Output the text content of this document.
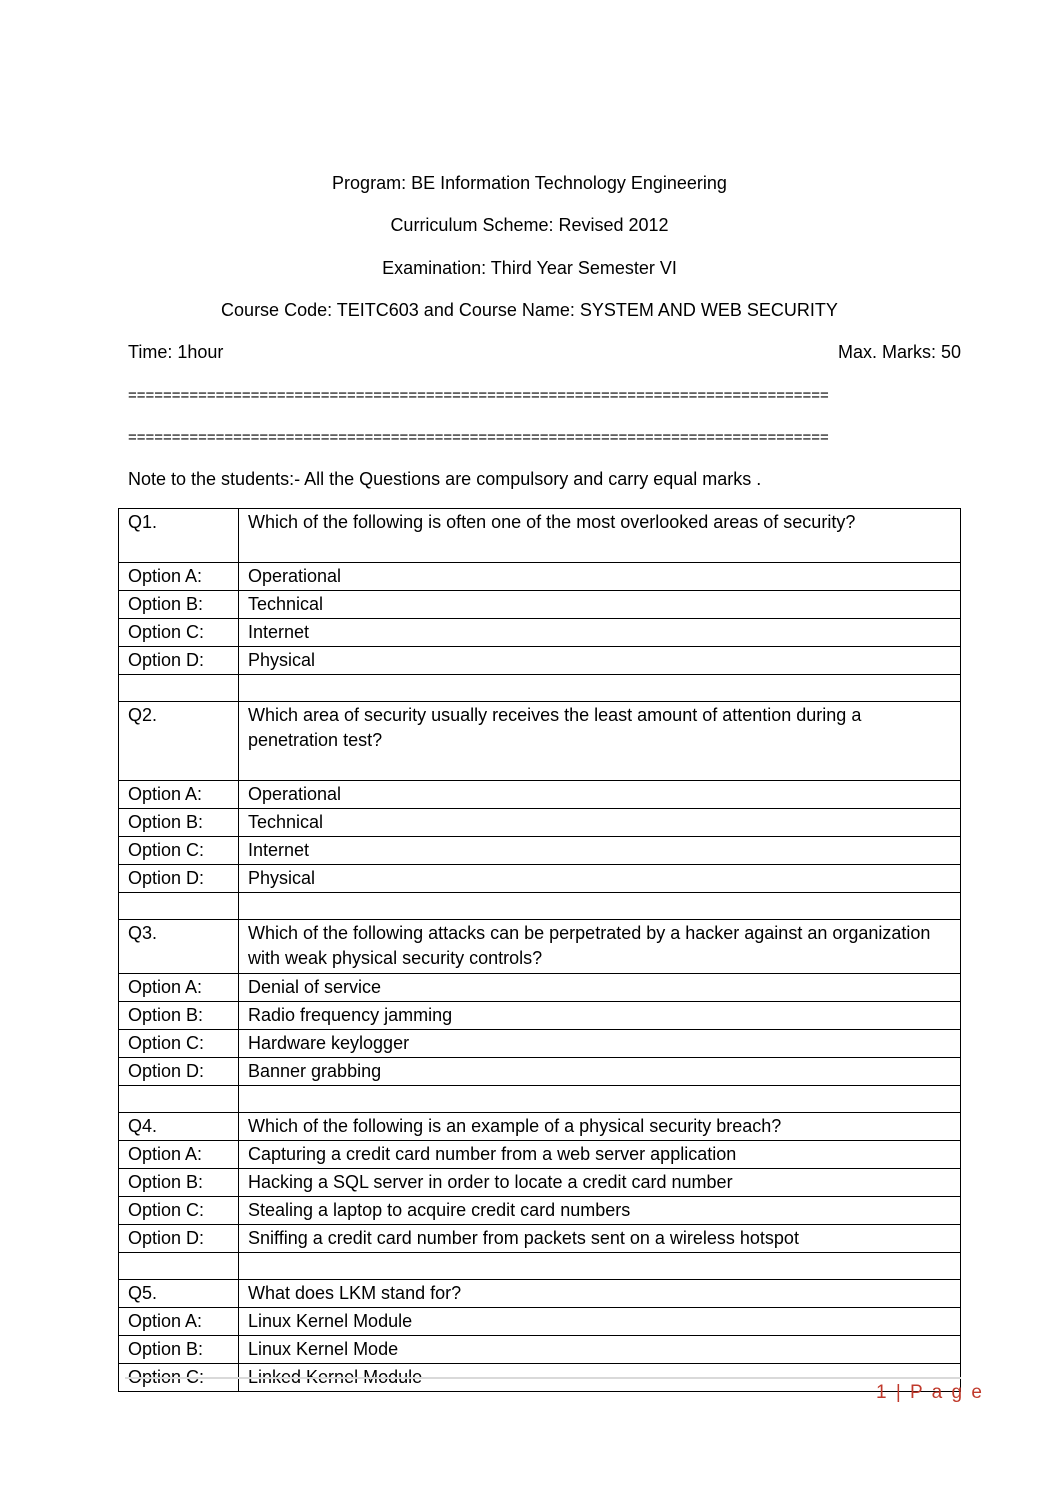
Program: BE Information Technology Engineering
Curriculum Scheme: Revised 2012
Examination: Third Year Semester VI
Course Code: TEITC603 and Course Name: SYSTEM AND WEB SECURITY
Time: 1hour	Max. Marks: 50
================================================================================
================================================================================
Note to the students:- All the Questions are compulsory and carry equal marks .
Q1.	Which of the following is often one of the most overlooked areas of security?
Option A:	Operational
Option B:	Technical
Option C:	Internet
Option D:	Physical

Q2.	Which area of security usually receives the least amount of attention during a penetration test?
Option A:	Operational
Option B:	Technical
Option C:	Internet
Option D:	Physical

Q3.	Which of the following attacks can be perpetrated by a hacker against an organization with weak physical security controls?
Option A:	Denial of service
Option B:	Radio frequency jamming
Option C:	Hardware keylogger
Option D:	Banner grabbing

Q4.	Which of the following is an example of a physical security breach?
Option A:	Capturing a credit card number from a web server application
Option B:	Hacking a SQL server in order to locate a credit card number
Option C:	Stealing a laptop to acquire credit card numbers
Option D:	Sniffing a credit card number from packets sent on a wireless hotspot

Q5.	What does LKM stand for?
Option A:	Linux Kernel Module
Option B:	Linux Kernel Mode
Option C:	Linked Kernel Module
1 | P a g e
